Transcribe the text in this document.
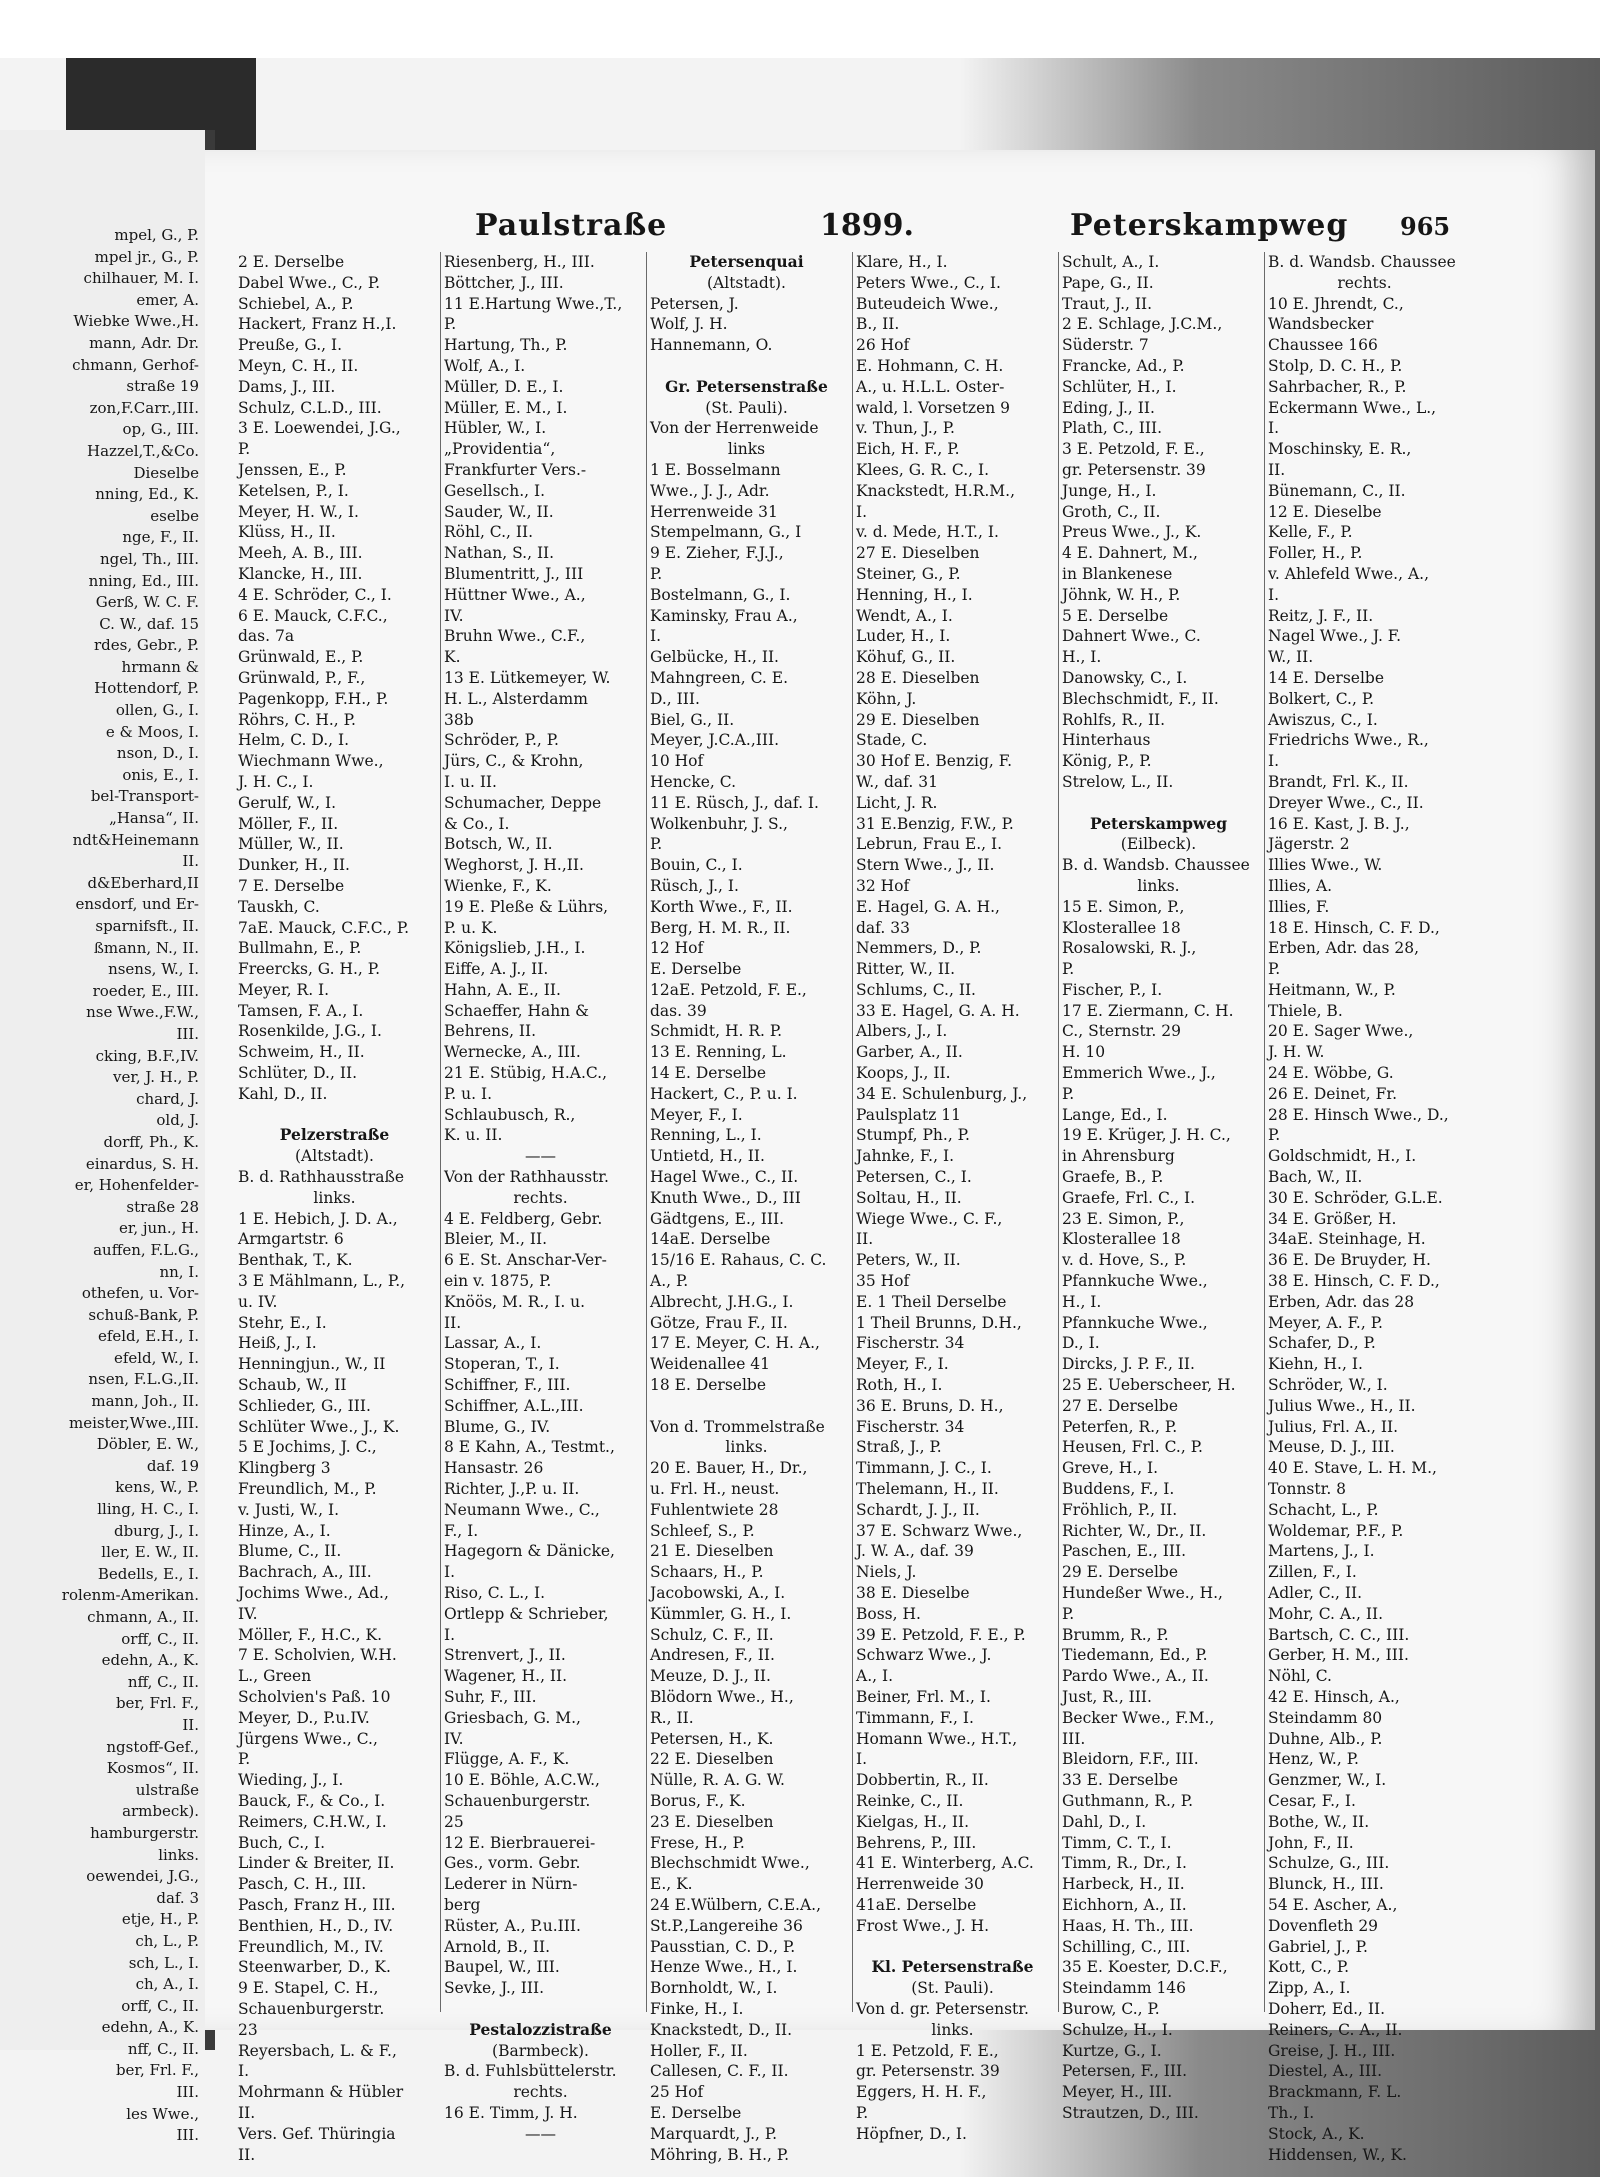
mpel, G., P.
mpel jr., G., P.
chilhauer, M. I.
emer, A.
Wiebke Wwe.,H.
mann, Adr. Dr.
chmann, Gerhof-
straße 19
zon,F.Carr.,III.
op, G., III.
Hazzel,T.,&Co.
Dieselbe
nning, Ed., K.
eselbe
nge, F., II.
ngel, Th., III.
nning, Ed., III.
Gerß, W. C. F.
C. W., daf. 15
rdes, Gebr., P.
hrmann &
Hottendorf, P.
ollen, G., I.
e & Moos, I.
nson, D., I.
onis, E., I.
bel-Transport-
„Hansa“, II.
ndt&Heinemann
II.
d&Eberhard,II
ensdorf, und Er-
sparnifsft., II.
ßmann, N., II.
nsens, W., I.
roeder, E., III.
nse Wwe.,F.W.,
III.
cking, B.F.,IV.
ver, J. H., P.
chard, J.
old, J.
dorff, Ph., K.
einardus, S. H.
er, Hohenfelder-
straße 28
er, jun., H.
auffen, F.L.G.,
nn, I.
othefen, u. Vor-
schuß-Bank, P.
efeld, E.H., I.
efeld, W., I.
nsen, F.L.G.,II.
mann, Joh., II.
meister,Wwe.,III.
Döbler, E. W.,
daf. 19
kens, W., P.
lling, H. C., I.
dburg, J., I.
ller, E. W., II.
Bedells, E., I.
rolenm-Amerikan.
chmann, A., II.
orff, C., II.
edehn, A., K.
nff, C., II.
ber, Frl. F.,
II.
ngstoff-Gef.,
Kosmos“, II.
ulstraße
armbeck).
hamburgerstr.
links.
oewendei, J.G.,
daf. 3
etje, H., P.
ch, L., P.
sch, L., I.
ch, A., I.
orff, C., II.
edehn, A., K.
nff, C., II.
ber, Frl. F.,
III.
les Wwe.,
III.
Paulstraße	1899.	Peterskampweg 965
2 E. Derselbe
Dabel Wwe., C., P.
Schiebel, A., P.
Hackert, Franz H.,I.
Preuße, G., I.
Meyn, C. H., II.
Dams, J., III.
Schulz, C.L.D., III.
3 E. Loewendei, J.G.,
P.
Jenssen, E., P.
Ketelsen, P., I.
Meyer, H. W., I.
Klüss, H., II.
Meeh, A. B., III.
Klancke, H., III.
4 E. Schröder, C., I.
6 E. Mauck, C.F.C.,
das. 7a
Grünwald, E., P.
Grünwald, P., F.,
Pagenkopp, F.H., P.
Röhrs, C. H., P.
Helm, C. D., I.
Wiechmann Wwe.,
J. H. C., I.
Gerulf, W., I.
Möller, F., II.
Müller, W., II.
Dunker, H., II.
7 E. Derselbe
Tauskh, C.
7aE. Mauck, C.F.C., P.
Bullmahn, E., P.
Freercks, G. H., P.
Meyer, R. I.
Tamsen, F. A., I.
Rosenkilde, J.G., I.
Schweim, H., II.
Schlüter, D., II.
Kahl, D., II.
Pelzerstraße
(Altstadt).
B. d. Rathhausstraße
links.
1 E. Hebich, J. D. A.,
Armgartstr. 6
Benthak, T., K.
3 E Mählmann, L., P.,
u. IV.
Stehr, E., I.
Heiß, J., I.
Henningjun., W., II
Schaub, W., II
Schlieder, G., III.
Schlüter Wwe., J., K.
5 E Jochims, J. C.,
Klingberg 3
Freundlich, M., P.
v. Justi, W., I.
Hinze, A., I.
Blume, C., II.
Bachrach, A., III.
Jochims Wwe., Ad.,
IV.
Möller, F., H.C., K.
7 E. Scholvien, W.H.
L., Green
Scholvien's Paß. 10
Meyer, D., P.u.IV.
Jürgens Wwe., C.,
P.
Wieding, J., I.
Bauck, F., & Co., I.
Reimers, C.H.W., I.
Buch, C., I.
Linder & Breiter, II.
Pasch, C. H., III.
Pasch, Franz H., III.
Benthien, H., D., IV.
Freundlich, M., IV.
Steenwarber, D., K.
9 E. Stapel, C. H.,
Schauenburgerstr.
23
Reyersbach, L. & F.,
I.
Mohrmann & Hübler
II.
Vers. Gef. Thüringia
II.
Riesenberg, H., III.
Böttcher, J., III.
11 E.Hartung Wwe.,T.,
P.
Hartung, Th., P.
Wolf, A., I.
Müller, D. E., I.
Müller, E. M., I.
Hübler, W., I.
„Providentia“,
Frankfurter Vers.-
Gesellsch., I.
Sauder, W., II.
Röhl, C., II.
Nathan, S., II.
Blumentritt, J., III
Hüttner Wwe., A.,
IV.
Bruhn Wwe., C.F.,
K.
13 E. Lütkemeyer, W.
H. L., Alsterdamm
38b
Schröder, P., P.
Jürs, C., & Krohn,
I. u. II.
Schumacher, Deppe
& Co., I.
Botsch, W., II.
Weghorst, J. H.,II.
Wienke, F., K.
19 E. Pleße & Lührs,
P. u. K.
Königslieb, J.H., I.
Eiffe, A. J., II.
Hahn, A. E., II.
Schaeffer, Hahn &
Behrens, II.
Wernecke, A., III.
21 E. Stübig, H.A.C.,
P. u. I.
Schlaubusch, R.,
K. u. II.
——
Von der Rathhausstr.
rechts.
4 E. Feldberg, Gebr.
Bleier, M., II.
6 E. St. Anschar-Ver-
ein v. 1875, P.
Knöös, M. R., I. u.
II.
Lassar, A., I.
Stoperan, T., I.
Schiffner, F., III.
Schiffner, A.L.,III.
Blume, G., IV.
8 E Kahn, A., Testmt.,
Hansastr. 26
Richter, J.,P. u. II.
Neumann Wwe., C.,
F., I.
Hagegorn & Dänicke,
I.
Riso, C. L., I.
Ortlepp & Schrieber,
I.
Strenvert, J., II.
Wagener, H., II.
Suhr, F., III.
Griesbach, G. M.,
IV.
Flügge, A. F., K.
10 E. Böhle, A.C.W.,
Schauenburgerstr.
25
12 E. Bierbrauerei-
Ges., vorm. Gebr.
Lederer in Nürn-
berg
Rüster, A., P.u.III.
Arnold, B., II.
Baupel, W., III.
Sevke, J., III.
Pestalozzistraße
(Barmbeck).
B. d. Fuhlsbüttelerstr.
rechts.
16 E. Timm, J. H.
——
Petersenquai
(Altstadt).
Petersen, J.
Wolf, J. H.
Hannemann, O.
Gr. Petersenstraße
(St. Pauli).
Von der Herrenweide
links
1 E. Bosselmann
Wwe., J. J., Adr.
Herrenweide 31
Stempelmann, G., I
9 E. Zieher, F.J.J.,
P.
Bostelmann, G., I.
Kaminsky, Frau A.,
I.
Gelbücke, H., II.
Mahngreen, C. E.
D., III.
Biel, G., II.
Meyer, J.C.A.,III.
10 Hof
Hencke, C.
11 E. Rüsch, J., daf. I.
Wolkenbuhr, J. S.,
P.
Bouin, C., I.
Rüsch, J., I.
Korth Wwe., F., II.
Berg, H. M. R., II.
12 Hof
E. Derselbe
12aE. Petzold, F. E.,
das. 39
Schmidt, H. R. P.
13 E. Renning, L.
14 E. Derselbe
Hackert, C., P. u. I.
Meyer, F., I.
Renning, L., I.
Untietd, H., II.
Hagel Wwe., C., II.
Knuth Wwe., D., III
Gädtgens, E., III.
14aE. Derselbe
15/16 E. Rahaus, C. C.
A., P.
Albrecht, J.H.G., I.
Götze, Frau F., II.
17 E. Meyer, C. H. A.,
Weidenallee 41
18 E. Derselbe
Von d. Trommelstraße
links.
20 E. Bauer, H., Dr.,
u. Frl. H., neust.
Fuhlentwiete 28
Schleef, S., P.
21 E. Dieselben
Schaars, H., P.
Jacobowski, A., I.
Kümmler, G. H., I.
Schulz, C. F., II.
Andresen, F., II.
Meuze, D. J., II.
Blödorn Wwe., H.,
R., II.
Petersen, H., K.
22 E. Dieselben
Nülle, R. A. G. W.
Borus, F., K.
23 E. Dieselben
Frese, H., P.
Blechschmidt Wwe.,
E., K.
24 E.Wülbern, C.E.A.,
St.P.,Langereihe 36
Pausstian, C. D., P.
Henze Wwe., H., I.
Bornholdt, W., I.
Finke, H., I.
Knackstedt, D., II.
Holler, F., II.
Callesen, C. F., II.
25 Hof
E. Derselbe
Marquardt, J., P.
Möhring, B. H., P.
Klare, H., I.
Peters Wwe., C., I.
Buteudeich Wwe.,
B., II.
26 Hof
E. Hohmann, C. H.
A., u. H.L.L. Oster-
wald, l. Vorsetzen 9
v. Thun, J., P.
Eich, H. F., P.
Klees, G. R. C., I.
Knackstedt, H.R.M.,
I.
v. d. Mede, H.T., I.
27 E. Dieselben
Steiner, G., P.
Henning, H., I.
Wendt, A., I.
Luder, H., I.
Köhuf, G., II.
28 E. Dieselben
Köhn, J.
29 E. Dieselben
Stade, C.
30 Hof E. Benzig, F.
W., daf. 31
Licht, J. R.
31 E.Benzig, F.W., P.
Lebrun, Frau E., I.
Stern Wwe., J., II.
32 Hof
E. Hagel, G. A. H.,
daf. 33
Nemmers, D., P.
Ritter, W., II.
Schlums, C., II.
33 E. Hagel, G. A. H.
Albers, J., I.
Garber, A., II.
Koops, J., II.
34 E. Schulenburg, J.,
Paulsplatz 11
Stumpf, Ph., P.
Jahnke, F., I.
Petersen, C., I.
Soltau, H., II.
Wiege Wwe., C. F.,
II.
Peters, W., II.
35 Hof
E. 1 Theil Derselbe
1 Theil Brunns, D.H.,
Fischerstr. 34
Meyer, F., I.
Roth, H., I.
36 E. Bruns, D. H.,
Fischerstr. 34
Straß, J., P.
Timmann, J. C., I.
Thelemann, H., II.
Schardt, J. J., II.
37 E. Schwarz Wwe.,
J. W. A., daf. 39
Niels, J.
38 E. Dieselbe
Boss, H.
39 E. Petzold, F. E., P.
Schwarz Wwe., J.
A., I.
Beiner, Frl. M., I.
Timmann, F., I.
Homann Wwe., H.T.,
I.
Dobbertin, R., II.
Reinke, C., II.
Kielgas, H., II.
Behrens, P., III.
41 E. Winterberg, A.C.
Herrenweide 30
41aE. Derselbe
Frost Wwe., J. H.
Kl. Petersenstraße
(St. Pauli).
Von d. gr. Petersenstr.
links.
1 E. Petzold, F. E.,
gr. Petersenstr. 39
Eggers, H. H. F.,
P.
Höpfner, D., I.
Schult, A., I.
Pape, G., II.
Traut, J., II.
2 E. Schlage, J.C.M.,
Süderstr. 7
Francke, Ad., P.
Schlüter, H., I.
Eding, J., II.
Plath, C., III.
3 E. Petzold, F. E.,
gr. Petersenstr. 39
Junge, H., I.
Groth, C., II.
Preus Wwe., J., K.
4 E. Dahnert, M.,
in Blankenese
Jöhnk, W. H., P.
5 E. Derselbe
Dahnert Wwe., C.
H., I.
Danowsky, C., I.
Blechschmidt, F., II.
Rohlfs, R., II.
Hinterhaus
König, P., P.
Strelow, L., II.
Peterskampweg
(Eilbeck).
B. d. Wandsb. Chaussee
links.
15 E. Simon, P.,
Klosterallee 18
Rosalowski, R. J.,
P.
Fischer, P., I.
17 E. Ziermann, C. H.
C., Sternstr. 29
H. 10
Emmerich Wwe., J.,
P.
Lange, Ed., I.
19 E. Krüger, J. H. C.,
in Ahrensburg
Graefe, B., P.
Graefe, Frl. C., I.
23 E. Simon, P.,
Klosterallee 18
v. d. Hove, S., P.
Pfannkuche Wwe.,
H., I.
Pfannkuche Wwe.,
D., I.
Dircks, J. P. F., II.
25 E. Ueberscheer, H.
27 E. Derselbe
Peterfen, R., P.
Heusen, Frl. C., P.
Greve, H., I.
Buddens, F., I.
Fröhlich, P., II.
Richter, W., Dr., II.
Paschen, E., III.
29 E. Derselbe
Hundeßer Wwe., H.,
P.
Brumm, R., P.
Tiedemann, Ed., P.
Pardo Wwe., A., II.
Just, R., III.
Becker Wwe., F.M.,
III.
Bleidorn, F.F., III.
33 E. Derselbe
Guthmann, R., P.
Dahl, D., I.
Timm, C. T., I.
Timm, R., Dr., I.
Harbeck, H., II.
Eichhorn, A., II.
Haas, H. Th., III.
Schilling, C., III.
35 E. Koester, D.C.F.,
Steindamm 146
Burow, C., P.
Schulze, H., I.
Kurtze, G., I.
Petersen, F., III.
Meyer, H., III.
Strautzen, D., III.
B. d. Wandsb. Chaussee
rechts.
10 E. Jhrendt, C.,
Wandsbecker
Chaussee 166
Stolp, D. C. H., P.
Sahrbacher, R., P.
Eckermann Wwe., L.,
I.
Moschinsky, E. R.,
II.
Bünemann, C., II.
12 E. Dieselbe
Kelle, F., P.
Foller, H., P.
v. Ahlefeld Wwe., A.,
I.
Reitz, J. F., II.
Nagel Wwe., J. F.
W., II.
14 E. Derselbe
Bolkert, C., P.
Awiszus, C., I.
Friedrichs Wwe., R.,
I.
Brandt, Frl. K., II.
Dreyer Wwe., C., II.
16 E. Kast, J. B. J.,
Jägerstr. 2
Illies Wwe., W.
Illies, A.
Illies, F.
18 E. Hinsch, C. F. D.,
Erben, Adr. das 28,
P.
Heitmann, W., P.
Thiele, B.
20 E. Sager Wwe.,
J. H. W.
24 E. Wöbbe, G.
26 E. Deinet, Fr.
28 E. Hinsch Wwe., D.,
P.
Goldschmidt, H., I.
Bach, W., II.
30 E. Schröder, G.L.E.
34 E. Größer, H.
34aE. Steinhage, H.
36 E. De Bruyder, H.
38 E. Hinsch, C. F. D.,
Erben, Adr. das 28
Meyer, A. F., P.
Schafer, D., P.
Kiehn, H., I.
Schröder, W., I.
Julius Wwe., H., II.
Julius, Frl. A., II.
Meuse, D. J., III.
40 E. Stave, L. H. M.,
Tonnstr. 8
Schacht, L., P.
Woldemar, P.F., P.
Martens, J., I.
Zillen, F., I.
Adler, C., II.
Mohr, C. A., II.
Bartsch, C. C., III.
Gerber, H. M., III.
Nöhl, C.
42 E. Hinsch, A.,
Steindamm 80
Duhne, Alb., P.
Henz, W., P.
Genzmer, W., I.
Cesar, F., I.
Bothe, W., II.
John, F., II.
Schulze, G., III.
Blunck, H., III.
54 E. Ascher, A.,
Dovenfleth 29
Gabriel, J., P.
Kott, C., P.
Zipp, A., I.
Doherr, Ed., II.
Reiners, C. A., II.
Greise, J. H., III.
Diestel, A., III.
Brackmann, F. L.
Th., I.
Stock, A., K.
Hiddensen, W., K.
